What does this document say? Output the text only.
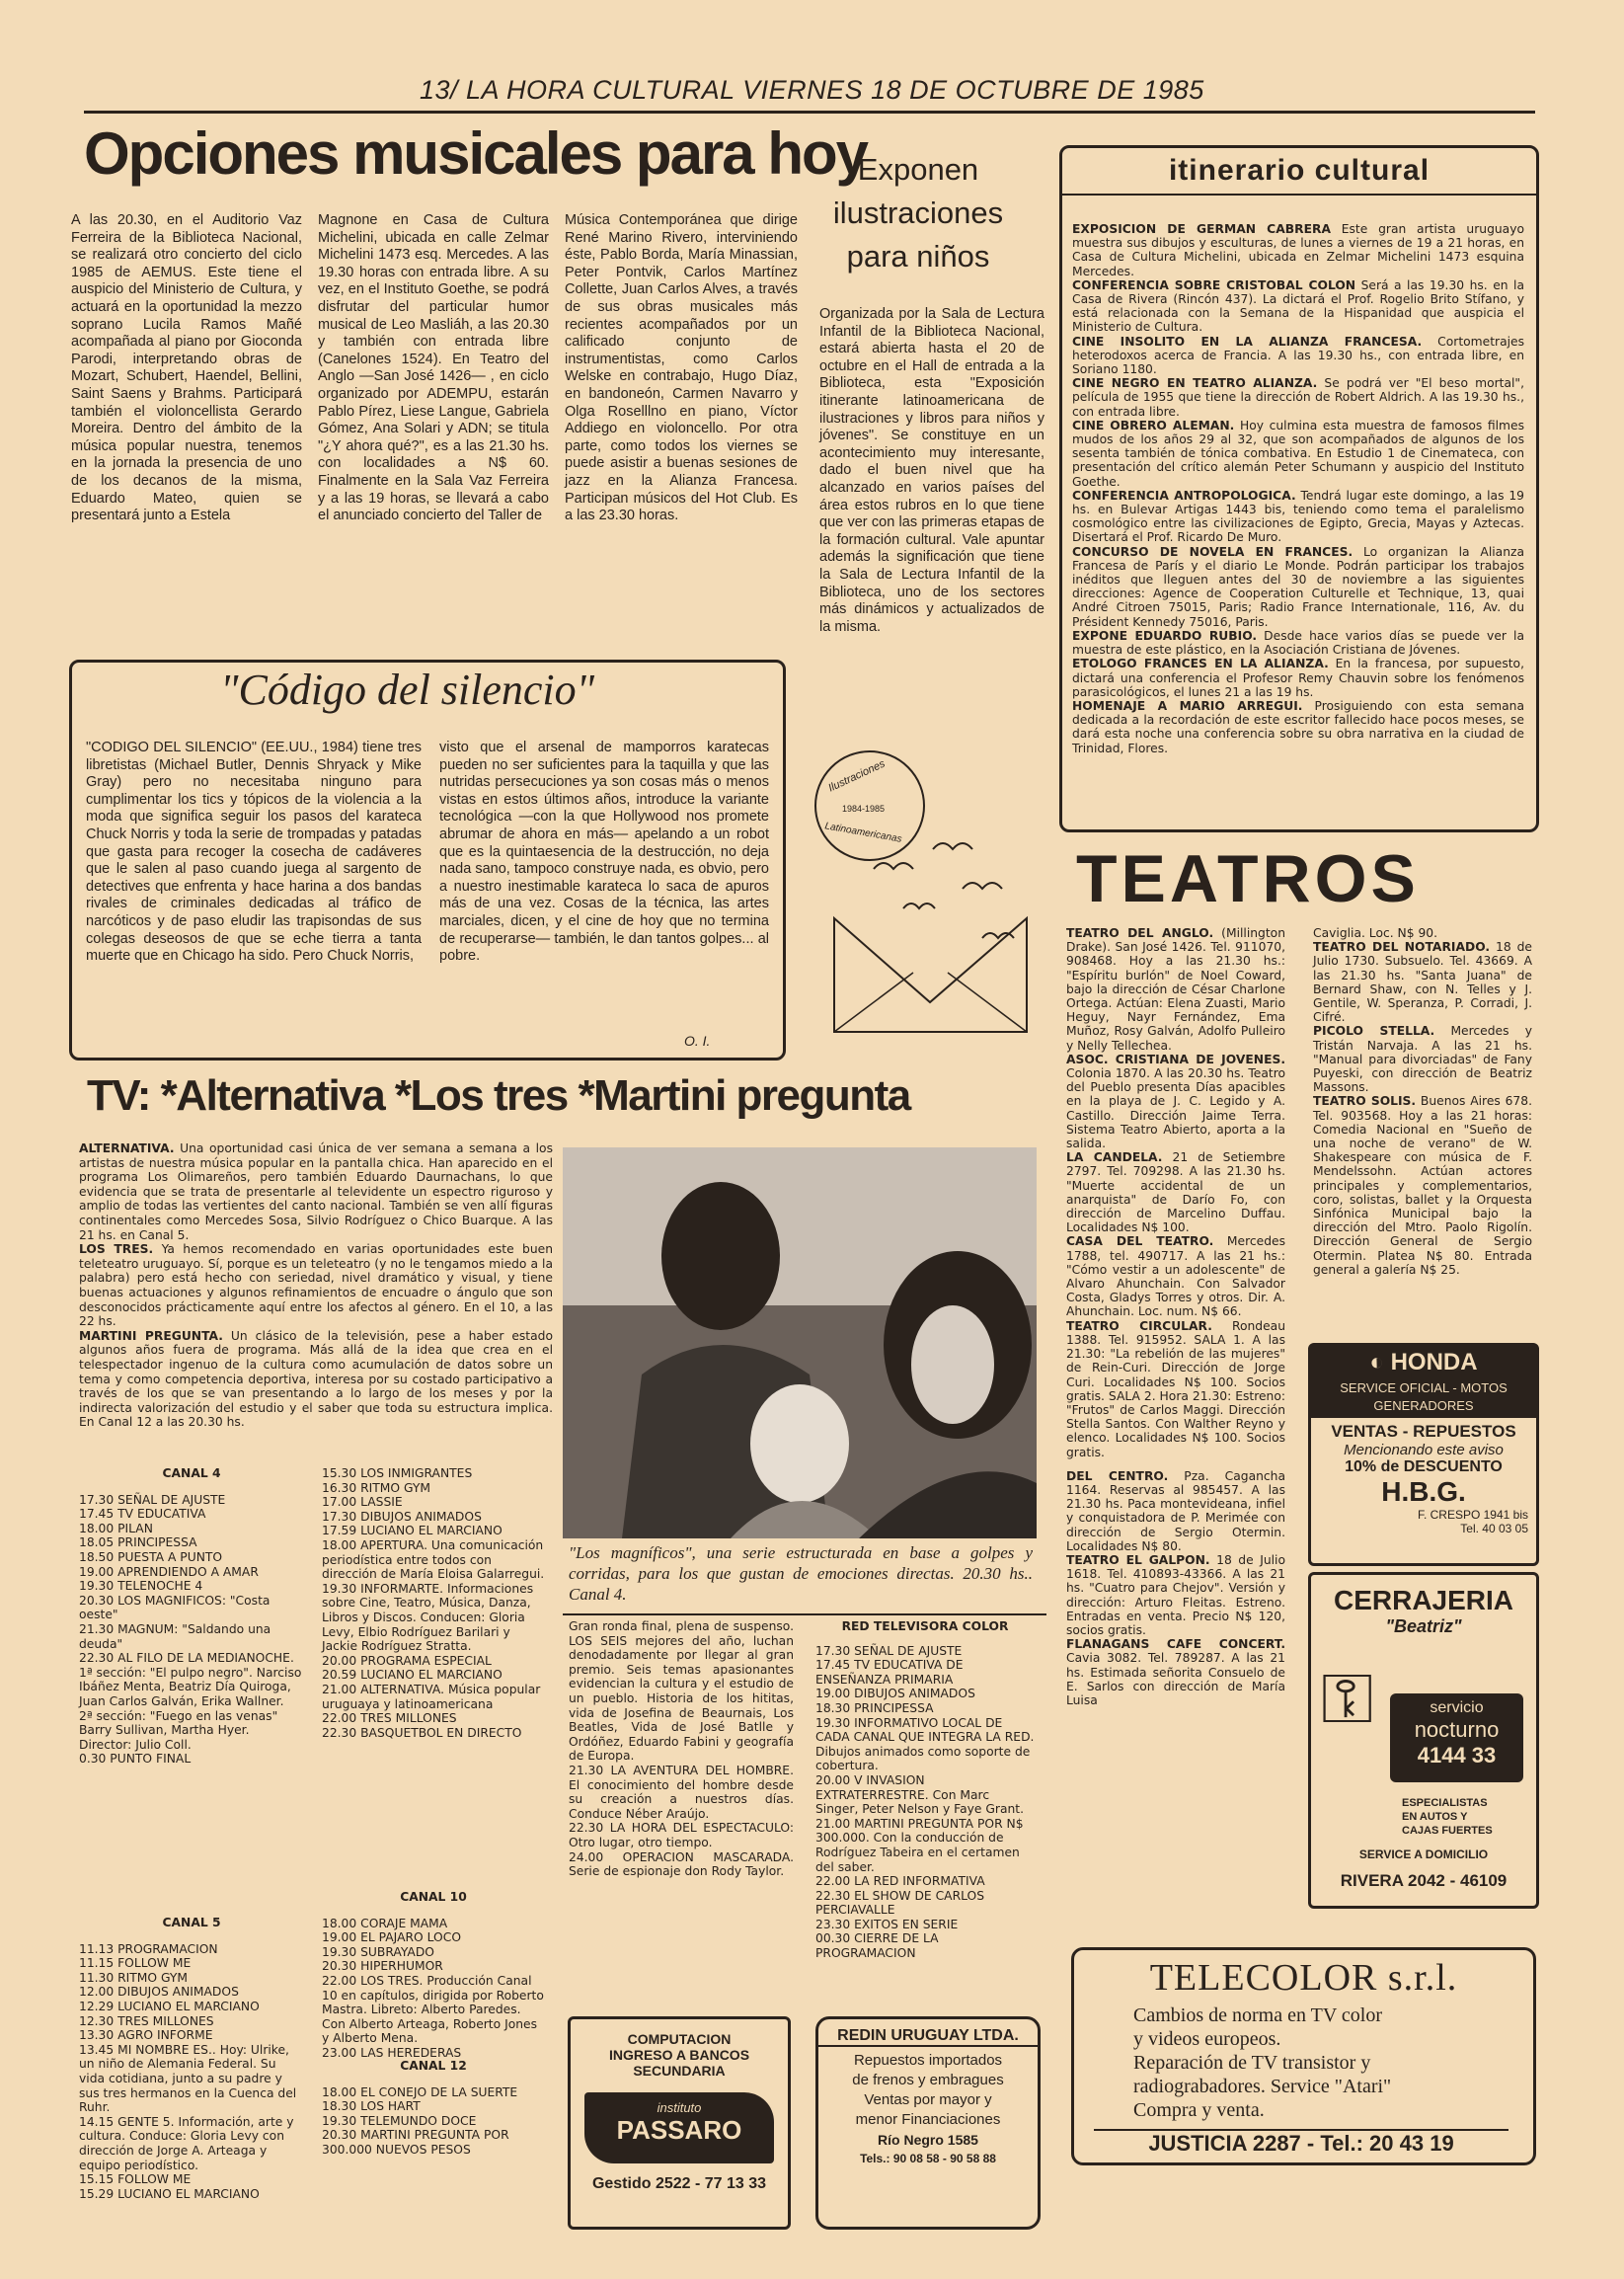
13/ LA HORA CULTURAL VIERNES 18 DE OCTUBRE DE 1985
Opciones musicales para hoy
A las 20.30, en el Auditorio Vaz Ferreira de la Biblioteca Nacional, se realizará otro concierto del ciclo 1985 de AEMUS. Este tiene el auspicio del Ministerio de Cultura, y actuará en la oportunidad la mezzo soprano Lucila Ramos Mañé acompañada al piano por Gioconda Parodi, interpretando obras de Mozart, Schubert, Haendel, Bellini, Saint Saens y Brahms. Participará también el violoncellista Gerardo Moreira. Dentro del ámbito de la música popular nuestra, tenemos en la jornada la presencia de uno de los decanos de la misma, Eduardo Mateo, quien se presentará junto a Estela
Magnone en Casa de Cultura Michelini, ubicada en calle Zelmar Michelini 1473 esq. Mercedes. A las 19.30 horas con entrada libre. A su vez, en el Instituto Goethe, se podrá disfrutar del particular humor musical de Leo Masliáh, a las 20.30 y también con entrada libre (Canelones 1524). En Teatro del Anglo —San José 1426— , en ciclo organizado por ADEMPU, estarán Pablo Pírez, Liese Langue, Gabriela Gómez, Ana Solari y ADN; se titula "¿Y ahora qué?", es a las 21.30 hs. con localidades a N$ 60. Finalmente en la Sala Vaz Ferreira y a las 19 horas, se llevará a cabo el anunciado concierto del Taller de
Música Contemporánea que dirige René Marino Rivero, interviniendo éste, Pablo Borda, María Minassian, Peter Pontvik, Carlos Martínez Collette, Juan Carlos Alves, a través de sus obras musicales más recientes acompañados por un calificado conjunto de instrumentistas, como Carlos Welske en contrabajo, Hugo Díaz, en bandoneón, Carmen Navarro y Olga Roselllno en piano, Víctor Addiego en violoncello. Por otra parte, como todos los viernes se puede asistir a buenas sesiones de jazz en la Alianza Francesa. Participan músicos del Hot Club. Es a las 23.30 horas.
Exponen ilustraciones para niños
Organizada por la Sala de Lectura Infantil de la Biblioteca Nacional, estará abierta hasta el 20 de octubre en el Hall de entrada a la Biblioteca, esta "Exposición itinerante latinoamericana de ilustraciones y libros para niños y jóvenes". Se constituye en un acontecimiento muy interesante, dado el buen nivel que ha alcanzado en varios países del área estos rubros en lo que tiene que ver con las primeras etapas de la formación cultural. Vale apuntar además la significación que tiene la Sala de Lectura Infantil de la Biblioteca, uno de los sectores más dinámicos y actualizados de la misma.
Ilustraciones
1984-1985
Latinoamericanas
"Código del silencio"
"CODIGO DEL SILENCIO" (EE.UU., 1984) tiene tres libretistas (Michael Butler, Dennis Shryack y Mike Gray) pero no necesitaba ninguno para cumplimentar los tics y tópicos de la violencia a la moda que significa seguir los pasos del karateca Chuck Norris y toda la serie de trompadas y patadas que gasta para recoger la cosecha de cadáveres que le salen al paso cuando juega al sargento de detectives que enfrenta y hace harina a dos bandas rivales de criminales dedicadas al tráfico de narcóticos y de paso eludir las trapisondas de sus colegas deseosos de que se eche tierra a tanta muerte que en Chicago ha sido. Pero Chuck Norris,
visto que el arsenal de mamporros karatecas pueden no ser suficientes para la taquilla y que las nutridas persecuciones ya son cosas más o menos vistas en estos últimos años, introduce la variante tecnológica —con la que Hollywood nos promete abrumar de ahora en más— apelando a un robot que es la quintaesencia de la destrucción, no deja nada sano, tampoco construye nada, es obvio, pero a nuestro inestimable karateca lo saca de apuros más de una vez. Cosas de la técnica, las artes marciales, dicen, y el cine de hoy que no termina de recuperarse— también, le dan tantos golpes... al pobre.
O. I.
itinerario cultural

EXPOSICION DE GERMAN CABRERA Este gran artista uruguayo muestra sus dibujos y esculturas, de lunes a viernes de 19 a 21 horas, en Casa de Cultura Michelini, ubicada en Zelmar Michelini 1473 esquina Mercedes.

CONFERENCIA SOBRE CRISTOBAL COLON Será a las 19.30 hs. en la Casa de Rivera (Rincón 437). La dictará el Prof. Rogelio Brito Stífano, y está relacionada con la Semana de la Hispanidad que auspicia el Ministerio de Cultura.

CINE INSOLITO EN LA ALIANZA FRANCESA. Cortometrajes heterodoxos acerca de Francia. A las 19.30 hs., con entrada libre, en Soriano 1180.

CINE NEGRO EN TEATRO ALIANZA. Se podrá ver "El beso mortal", película de 1955 que tiene la dirección de Robert Aldrich. A las 19.30 hs., con entrada libre.

CINE OBRERO ALEMAN. Hoy culmina esta muestra de famosos filmes mudos de los años 29 al 32, que son acompañados de algunos de los sesenta también de tónica combativa. En Estudio 1 de Cinemateca, con presentación del crítico alemán Peter Schumann y auspicio del Instituto Goethe.

CONFERENCIA ANTROPOLOGICA. Tendrá lugar este domingo, a las 19 hs. en Bulevar Artigas 1443 bis, teniendo como tema el paralelismo cosmológico entre las civilizaciones de Egipto, Grecia, Mayas y Aztecas. Disertará el Prof. Ricardo De Muro.

CONCURSO DE NOVELA EN FRANCES. Lo organizan la Alianza Francesa de París y el diario Le Monde. Podrán participar los trabajos inéditos que lleguen antes del 30 de noviembre a las siguientes direcciones: Agence de Cooperation Culturelle et Technique, 13, quai André Citroen 75015, Paris; Radio France Internationale, 116, Av. du Président Kennedy 75016, Paris.

EXPONE EDUARDO RUBIO. Desde hace varios días se puede ver la muestra de este plástico, en la Asociación Cristiana de Jóvenes.

ETOLOGO FRANCES EN LA ALIANZA. En la francesa, por supuesto, dictará una conferencia el Profesor Remy Chauvin sobre los fenómenos parasicológicos, el lunes 21 a las 19 hs.

HOMENAJE A MARIO ARREGUI. Prosiguiendo con esta semana dedicada a la recordación de este escritor fallecido hace pocos meses, se dará esta noche una conferencia sobre su obra narrativa en la ciudad de Trinidad, Flores.

TEATROS

TEATRO DEL ANGLO. (Millington Drake). San José 1426. Tel. 911070, 908468. Hoy a las 21.30 hs.: "Espíritu burlón" de Noel Coward, bajo la dirección de César Charlone Ortega. Actúan: Elena Zuasti, Mario Heguy, Nayr Fernández, Ema Muñoz, Rosy Galván, Adolfo Pulleiro y Nelly Tellechea.

ASOC. CRISTIANA DE JOVENES. Colonia 1870. A las 20.30 hs. Teatro del Pueblo presenta Días apacibles en la playa de J. C. Legido y A. Castillo. Dirección Jaime Terra. Sistema Teatro Abierto, aporta a la salida.

LA CANDELA. 21 de Setiembre 2797. Tel. 709298. A las 21.30 hs. "Muerte accidental de un anarquista" de Darío Fo, con dirección de Marcelino Duffau. Localidades N$ 100.

CASA DEL TEATRO. Mercedes 1788, tel. 490717. A las 21 hs.: "Cómo vestir a un adolescente" de Alvaro Ahunchain. Con Salvador Costa, Gladys Torres y otros. Dir. A. Ahunchain. Loc. num. N$ 66.

TEATRO CIRCULAR. Rondeau 1388. Tel. 915952. SALA 1. A las 21.30: "La rebelión de las mujeres" de Rein-Curi. Dirección de Jorge Curi. Localidades N$ 100. Socios gratis. SALA 2. Hora 21.30: Estreno: "Frutos" de Carlos Maggi. Dirección Stella Santos. Con Walther Reyno y elenco. Localidades N$ 100. Socios gratis.

DEL CENTRO. Pza. Cagancha 1164. Reservas al 985457. A las 21.30 hs. Paca montevideana, infiel y conquistadora de P. Merimée con dirección de Sergio Otermin. Localidades N$ 80.

TEATRO EL GALPON. 18 de Julio 1618. Tel. 410893-43366. A las 21 hs. "Cuatro para Chejov". Versión y dirección: Arturo Fleitas. Estreno. Entradas en venta. Precio N$ 120, socios gratis.

FLANAGANS CAFE CONCERT. Cavia 3082. Tel. 789287. A las 21 hs. Estimada señorita Consuelo de E. Sarlos con dirección de María Luisa

Caviglia. Loc. N$ 90.

TEATRO DEL NOTARIADO. 18 de Julio 1730. Subsuelo. Tel. 43669. A las 21.30 hs. "Santa Juana" de Bernard Shaw, con N. Telles y J. Gentile, W. Speranza, P. Corradi, J. Cifré.

PICOLO STELLA. Mercedes y Tristán Narvaja. A las 21 hs. "Manual para divorciadas" de Fany Puyeski, con dirección de Beatriz Massons.

TEATRO SOLIS. Buenos Aires 678. Tel. 903568. Hoy a las 21 horas: Comedia Nacional en "Sueño de una noche de verano" de W. Shakespeare con música de F. Mendelssohn. Actúan actores principales y complementarios, coro, solistas, ballet y la Orquesta Sinfónica Municipal bajo la dirección del Mtro. Paolo Rigolín. Dirección General de Sergio Otermin. Platea N$ 80. Entrada general a galería N$ 25.

◐ HONDA
SERVICE OFICIAL - MOTOS
GENERADORES
VENTAS - REPUESTOS
Mencionando este aviso
10% de DESCUENTO
H.B.G.
F. CRESPO 1941 bis
Tel. 40 03 05
CERRAJERIA
"Beatriz"
⚿	servicio
nocturno
4144 33
ESPECIALISTAS
EN AUTOS Y
CAJAS FUERTES
SERVICE A DOMICILIO
RIVERA 2042 - 46109
TELECOLOR s.r.l.
Cambios de norma en TV color
y videos europeos.
Reparación de TV transistor y
radiograbadores. Service "Atari"
Compra y venta.
JUSTICIA 2287 - Tel.: 20 43 19
TV: *Alternativa *Los tres *Martini pregunta

ALTERNATIVA. Una oportunidad casi única de ver semana a semana a los artistas de nuestra música popular en la pantalla chica. Han aparecido en el programa Los Olimareños, pero también Eduardo Daurnachans, lo que evidencia que se trata de presentarle al televidente un espectro riguroso y amplio de todas las vertientes del canto nacional. También se ven allí figuras continentales como Mercedes Sosa, Silvio Rodríguez o Chico Buarque. A las 21 hs. en Canal 5.

LOS TRES. Ya hemos recomendado en varias oportunidades este buen teleteatro uruguayo. Sí, porque es un teleteatro (y no le tengamos miedo a la palabra) pero está hecho con seriedad, nivel dramático y visual, y tiene buenas actuaciones y algunos refinamientos de encuadre o ángulo que son desconocidos prácticamente aquí entre los afectos al género. En el 10, a las 22 hs.

MARTINI PREGUNTA. Un clásico de la televisión, pese a haber estado algunos años fuera de programa. Más allá de la idea que crea en el telespectador ingenuo de la cultura como acumulación de datos sobre un tema y como competencia deportiva, interesa por su costado participativo a través de los que se van presentando a lo largo de los meses y por la indirecta valorización del estudio y el saber que toda su estructura implica. En Canal 12 a las 20.30 hs.

"Los magníficos", una serie estructurada en base a golpes y corridas, para los que gustan de emociones directas. 20.30 hs.. Canal 4.
CANAL 4
17.30 SEÑAL DE AJUSTE
17.45 TV EDUCATIVA
18.00 PILAN
18.05 PRINCIPESSA
18.50 PUESTA A PUNTO
19.00 APRENDIENDO A AMAR
19.30 TELENOCHE 4
20.30 LOS MAGNIFICOS: "Costa oeste"
21.30 MAGNUM: "Saldando una deuda"
22.30 AL FILO DE LA MEDIANOCHE. 1ª sección: "El pulpo negro". Narciso Ibáñez Menta, Beatriz Día Quiroga, Juan Carlos Galván, Erika Wallner.
2ª sección: "Fuego en las venas" Barry Sullivan, Martha Hyer. Director: Julio Coll.
0.30 PUNTO FINAL
CANAL 5
11.13 PROGRAMACION
11.15 FOLLOW ME
11.30 RITMO GYM
12.00 DIBUJOS ANIMADOS
12.29 LUCIANO EL MARCIANO
12.30 TRES MILLONES
13.30 AGRO INFORME
13.45 MI NOMBRE ES.. Hoy: Ulrike, un niño de Alemania Federal. Su vida cotidiana, junto a su padre y sus tres hermanos en la Cuenca del Ruhr.
14.15 GENTE 5. Información, arte y cultura. Conduce: Gloria Levy con dirección de Jorge A. Arteaga y equipo periodístico.
15.15 FOLLOW ME
15.29 LUCIANO EL MARCIANO
15.30 LOS INMIGRANTES
16.30 RITMO GYM
17.00 LASSIE
17.30 DIBUJOS ANIMADOS
17.59 LUCIANO EL MARCIANO
18.00 APERTURA. Una comunicación periodística entre todos con dirección de María Eloisa Galarregui.
19.30 INFORMARTE. Informaciones sobre Cine, Teatro, Música, Danza, Libros y Discos. Conducen: Gloria Levy, Elbio Rodríguez Barilari y Jackie Rodríguez Stratta.
20.00 PROGRAMA ESPECIAL
20.59 LUCIANO EL MARCIANO
21.00 ALTERNATIVA. Música popular uruguaya y latinoamericana
22.00 TRES MILLONES
22.30 BASQUETBOL EN DIRECTO
CANAL 10
18.00 CORAJE MAMA
19.00 EL PAJARO LOCO
19.30 SUBRAYADO
20.30 HIPERHUMOR
22.00 LOS TRES. Producción Canal 10 en capítulos, dirigida por Roberto Mastra. Libreto: Alberto Paredes. Con Alberto Arteaga, Roberto Jones y Alberto Mena.
23.00 LAS HEREDERAS
CANAL 12
18.00 EL CONEJO DE LA SUERTE
18.30 LOS HART
19.30 TELEMUNDO DOCE
20.30 MARTINI PREGUNTA POR 300.000 NUEVOS PESOS
Gran ronda final, plena de suspenso. LOS SEIS mejores del año, luchan denodadamente por llegar al gran premio. Seis temas apasionantes evidencian la cultura y el estudio de un pueblo. Historia de los hititas, vida de Josefina de Beaurnais, Los Beatles, Vida de José Batlle y Ordóñez, Eduardo Fabini y geografía de Europa.
21.30 LA AVENTURA DEL HOMBRE. El conocimiento del hombre desde su creación a nuestros días. Conduce Néber Araújo.
22.30 LA HORA DEL ESPECTACULO: Otro lugar, otro tiempo.
24.00 OPERACION MASCARADA. Serie de espionaje don Rody Taylor.
RED TELEVISORA COLOR
17.30 SEÑAL DE AJUSTE
17.45 TV EDUCATIVA DE ENSEÑANZA PRIMARIA
19.00 DIBUJOS ANIMADOS
18.30 PRINCIPESSA
19.30 INFORMATIVO LOCAL DE CADA CANAL QUE INTEGRA LA RED. Dibujos animados como soporte de cobertura.
20.00 V INVASION EXTRATERRESTRE. Con Marc Singer, Peter Nelson y Faye Grant.
21.00 MARTINI PREGUNTA POR N$ 300.000. Con la conducción de Rodríguez Tabeira en el certamen del saber.
22.00 LA RED INFORMATIVA
22.30 EL SHOW DE CARLOS PERCIAVALLE
23.30 EXITOS EN SERIE
00.30 CIERRE DE LA PROGRAMACION
COMPUTACION
INGRESO A BANCOS
SECUNDARIA
instituto
PASSARO
Gestido 2522 - 77 13 33
REDIN URUGUAY LTDA.
Repuestos importados
de frenos y embragues
Ventas por mayor y
menor Financiaciones
Río Negro 1585
Tels.: 90 08 58 - 90 58 88
